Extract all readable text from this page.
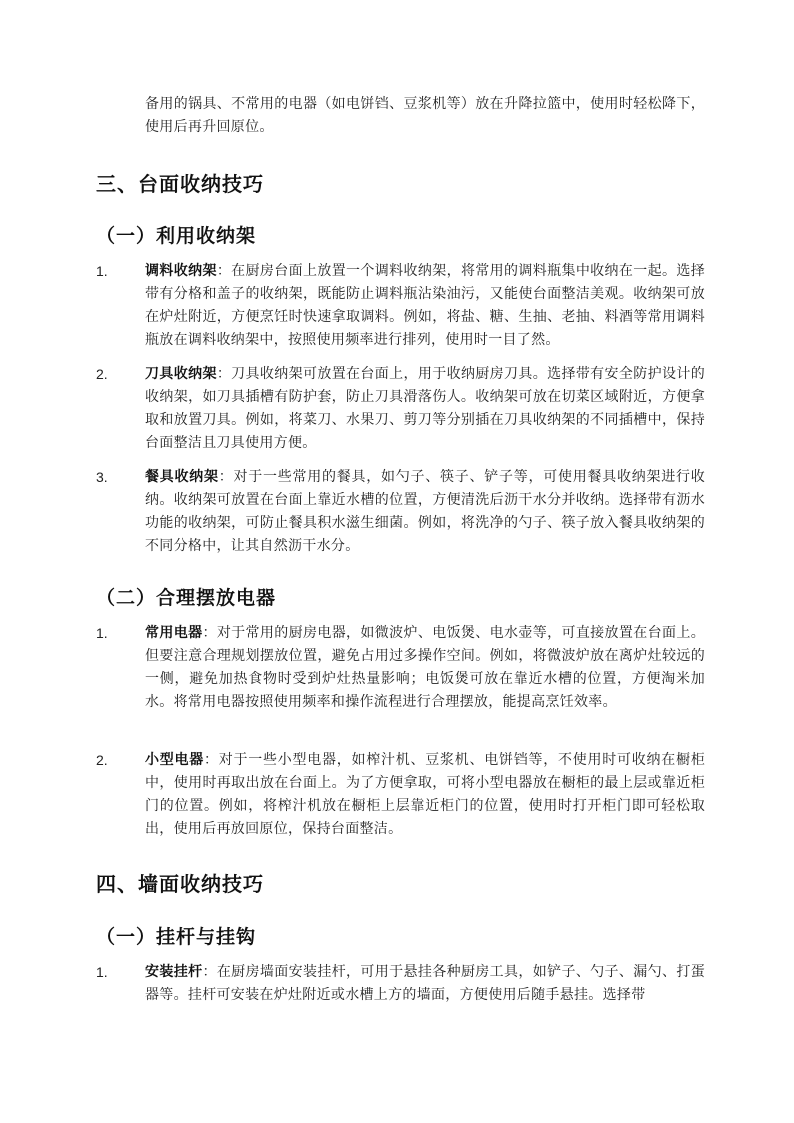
备用的锅具、不常用的电器（如电饼铛、豆浆机等）放在升降拉篮中，使用时轻松降下，使用后再升回原位。
三、台面收纳技巧
（一）利用收纳架
1.	调料收纳架：在厨房台面上放置一个调料收纳架，将常用的调料瓶集中收纳在一起。选择带有分格和盖子的收纳架，既能防止调料瓶沾染油污，又能使台面整洁美观。收纳架可放在炉灶附近，方便烹饪时快速拿取调料。例如，将盐、糖、生抽、老抽、料酒等常用调料瓶放在调料收纳架中，按照使用频率进行排列，使用时一目了然。
2.	刀具收纳架：刀具收纳架可放置在台面上，用于收纳厨房刀具。选择带有安全防护设计的收纳架，如刀具插槽有防护套，防止刀具滑落伤人。收纳架可放在切菜区域附近，方便拿取和放置刀具。例如，将菜刀、水果刀、剪刀等分别插在刀具收纳架的不同插槽中，保持台面整洁且刀具使用方便。
3.	餐具收纳架：对于一些常用的餐具，如勺子、筷子、铲子等，可使用餐具收纳架进行收纳。收纳架可放置在台面上靠近水槽的位置，方便清洗后沥干水分并收纳。选择带有沥水功能的收纳架，可防止餐具积水滋生细菌。例如，将洗净的勺子、筷子放入餐具收纳架的不同分格中，让其自然沥干水分。
（二）合理摆放电器
1.	常用电器：对于常用的厨房电器，如微波炉、电饭煲、电水壶等，可直接放置在台面上。但要注意合理规划摆放位置，避免占用过多操作空间。例如，将微波炉放在离炉灶较远的一侧，避免加热食物时受到炉灶热量影响；电饭煲可放在靠近水槽的位置，方便淘米加水。将常用电器按照使用频率和操作流程进行合理摆放，能提高烹饪效率。
2.	小型电器：对于一些小型电器，如榨汁机、豆浆机、电饼铛等，不使用时可收纳在橱柜中，使用时再取出放在台面上。为了方便拿取，可将小型电器放在橱柜的最上层或靠近柜门的位置。例如，将榨汁机放在橱柜上层靠近柜门的位置，使用时打开柜门即可轻松取出，使用后再放回原位，保持台面整洁。
四、墙面收纳技巧
（一）挂杆与挂钩
1.	安装挂杆：在厨房墙面安装挂杆，可用于悬挂各种厨房工具，如铲子、勺子、漏勺、打蛋器等。挂杆可安装在炉灶附近或水槽上方的墙面，方便使用后随手悬挂。选择带
